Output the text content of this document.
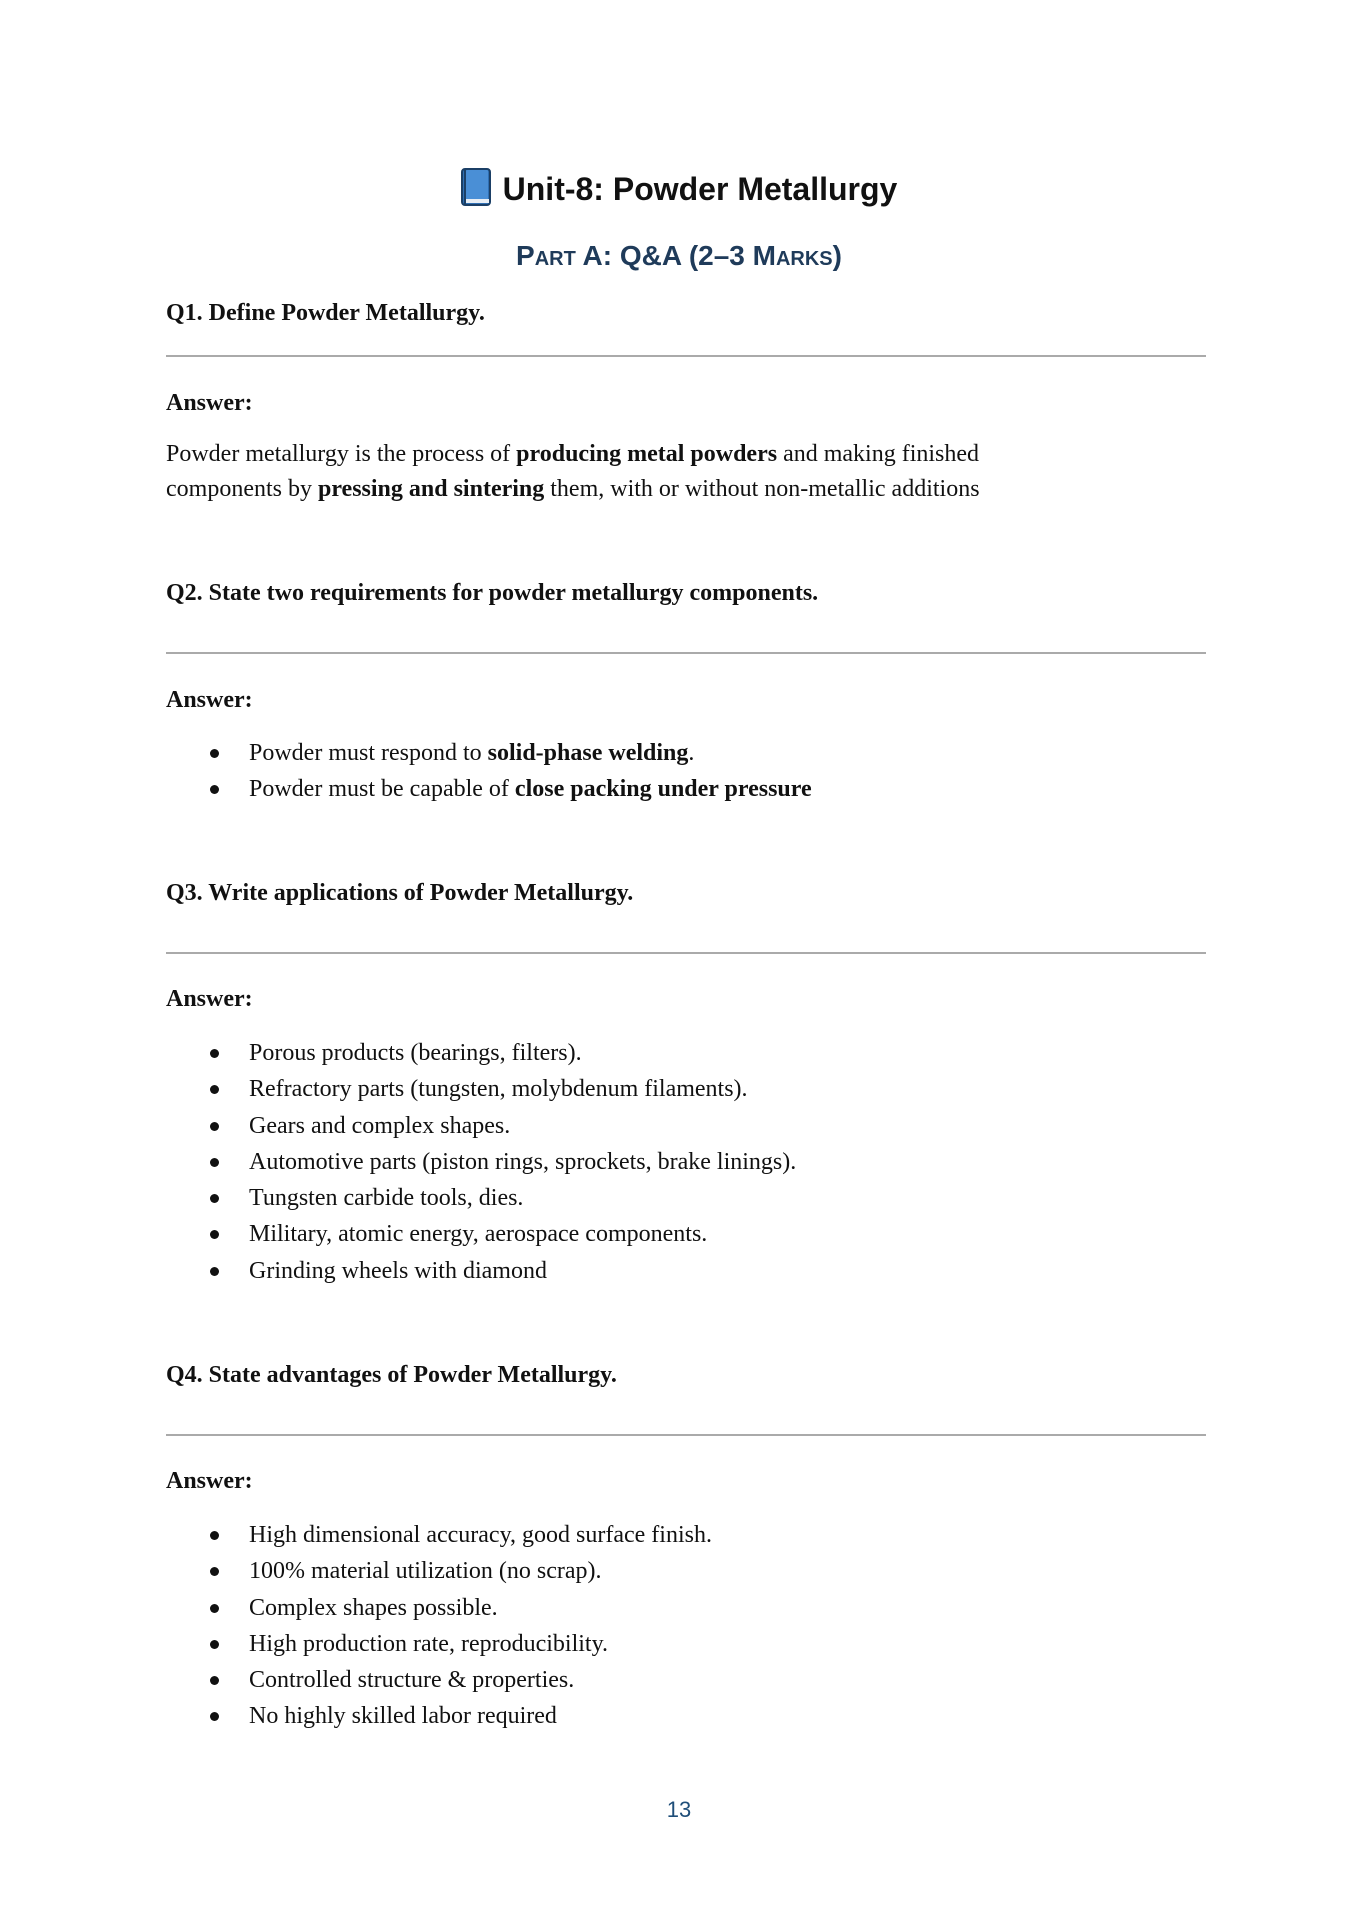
Unit-8: Powder Metallurgy
Part A: Q&A (2–3 Marks)
Q1. Define Powder Metallurgy.
Answer:
Powder metallurgy is the process of producing metal powders and making finished
components by pressing and sintering them, with or without non-metallic additions
Q2. State two requirements for powder metallurgy components.
Answer:
Powder must respond to solid-phase welding.
Powder must be capable of close packing under pressure
Q3. Write applications of Powder Metallurgy.
Answer:
Porous products (bearings, filters).
Refractory parts (tungsten, molybdenum filaments).
Gears and complex shapes.
Automotive parts (piston rings, sprockets, brake linings).
Tungsten carbide tools, dies.
Military, atomic energy, aerospace components.
Grinding wheels with diamond
Q4. State advantages of Powder Metallurgy.
Answer:
High dimensional accuracy, good surface finish.
100% material utilization (no scrap).
Complex shapes possible.
High production rate, reproducibility.
Controlled structure & properties.
No highly skilled labor required
13
